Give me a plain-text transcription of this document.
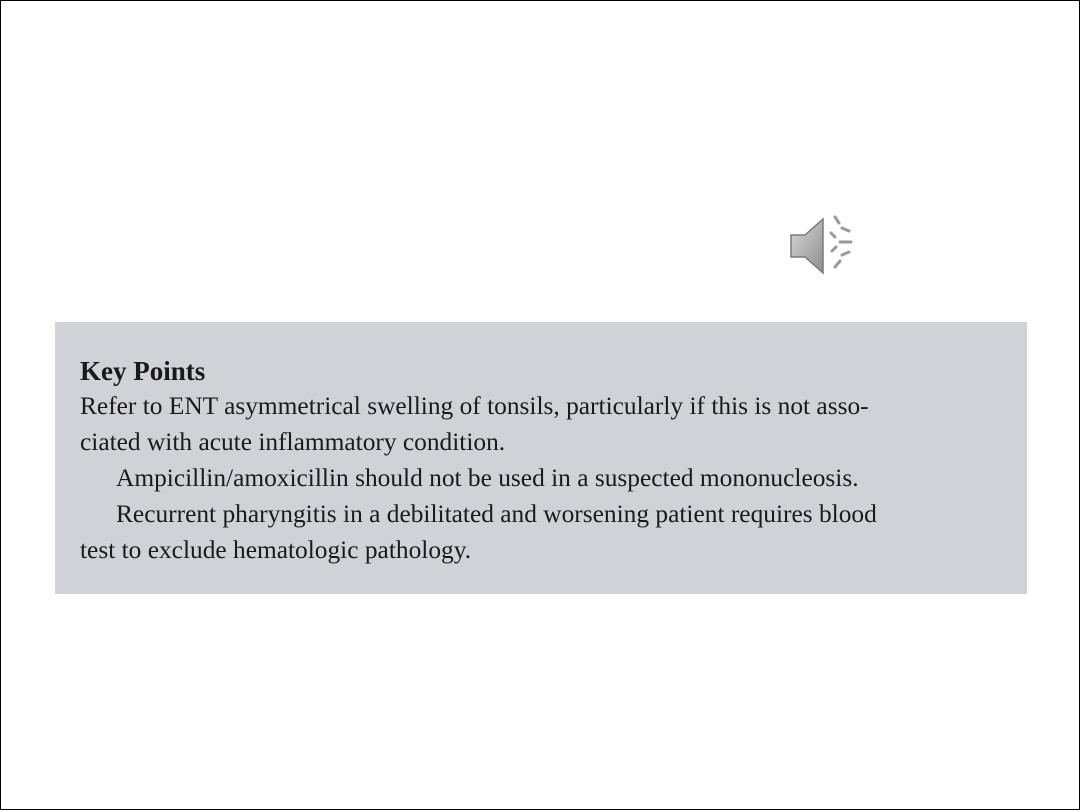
Key Points

Refer to ENT asymmetrical swelling of tonsils, particularly if this is not asso-
ciated with acute inflammatory condition.

Ampicillin/amoxicillin should not be used in a suspected mononucleosis.

Recurrent pharyngitis in a debilitated and worsening patient requires blood
test to exclude hematologic pathology.
